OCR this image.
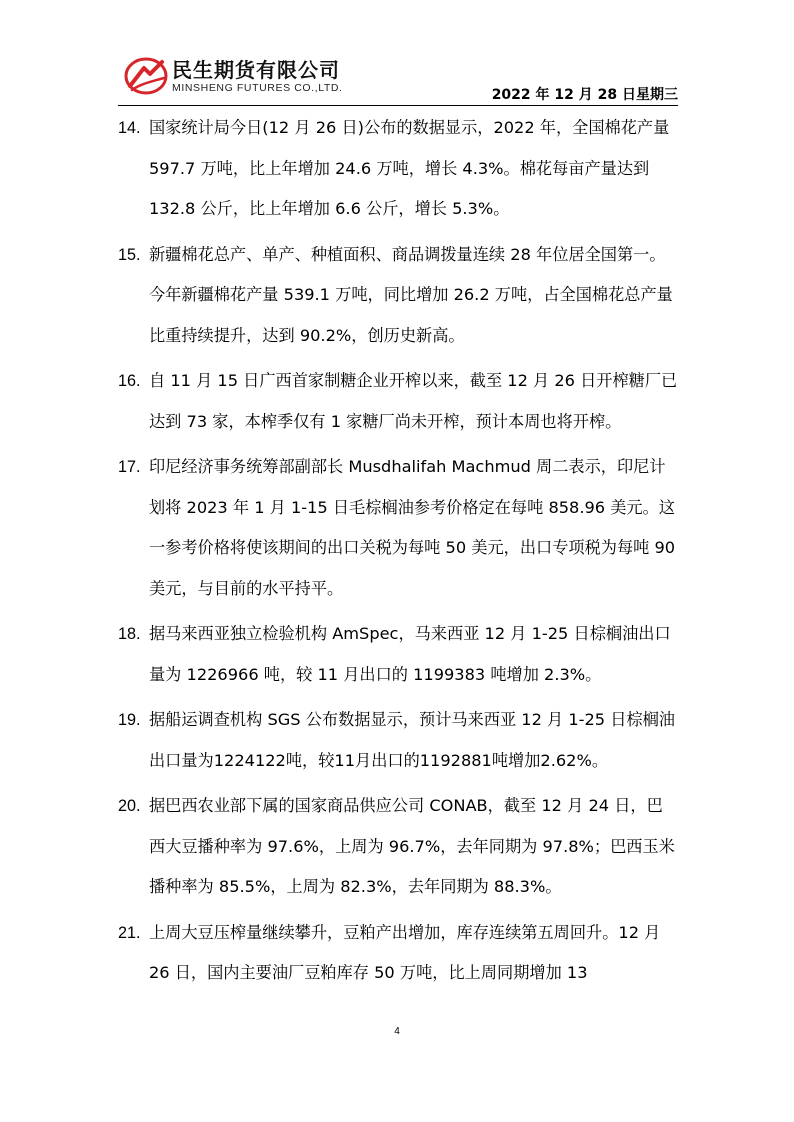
民生期货有限公司
MINSHENG FUTURES CO.,LTD.	2022 年 12 月 28 日星期三
14. 国家统计局今日(12 月 26 日)公布的数据显示，2022 年，全国棉花产量 597.7 万吨，比上年增加 24.6 万吨，增长 4.3%。棉花每亩产量达到 132.8 公斤，比上年增加 6.6 公斤，增长 5.3%。
15. 新疆棉花总产、单产、种植面积、商品调拨量连续 28 年位居全国第一。今年新疆棉花产量 539.1 万吨，同比增加 26.2 万吨，占全国棉花总产量比重持续提升，达到 90.2%，创历史新高。
16. 自 11 月 15 日广西首家制糖企业开榨以来，截至 12 月 26 日开榨糖厂已达到 73 家，本榨季仅有 1 家糖厂尚未开榨，预计本周也将开榨。
17. 印尼经济事务统筹部副部长 Musdhalifah Machmud 周二表示，印尼计划将 2023 年 1 月 1-15 日毛棕榈油参考价格定在每吨 858.96 美元。这一参考价格将使该期间的出口关税为每吨 50 美元，出口专项税为每吨 90 美元，与目前的水平持平。
18. 据马来西亚独立检验机构 AmSpec，马来西亚 12 月 1-25 日棕榈油出口量为 1226966 吨，较 11 月出口的 1199383 吨增加 2.3%。
19. 据船运调查机构 SGS 公布数据显示，预计马来西亚 12 月 1-25 日棕榈油出口量为1224122吨，较11月出口的1192881吨增加2.62%。
20. 据巴西农业部下属的国家商品供应公司 CONAB，截至 12 月 24 日，巴西大豆播种率为 97.6%，上周为 96.7%，去年同期为 97.8%；巴西玉米播种率为 85.5%，上周为 82.3%，去年同期为 88.3%。
21. 上周大豆压榨量继续攀升，豆粕产出增加，库存连续第五周回升。12 月 26 日，国内主要油厂豆粕库存 50 万吨，比上周同期增加 13
4
